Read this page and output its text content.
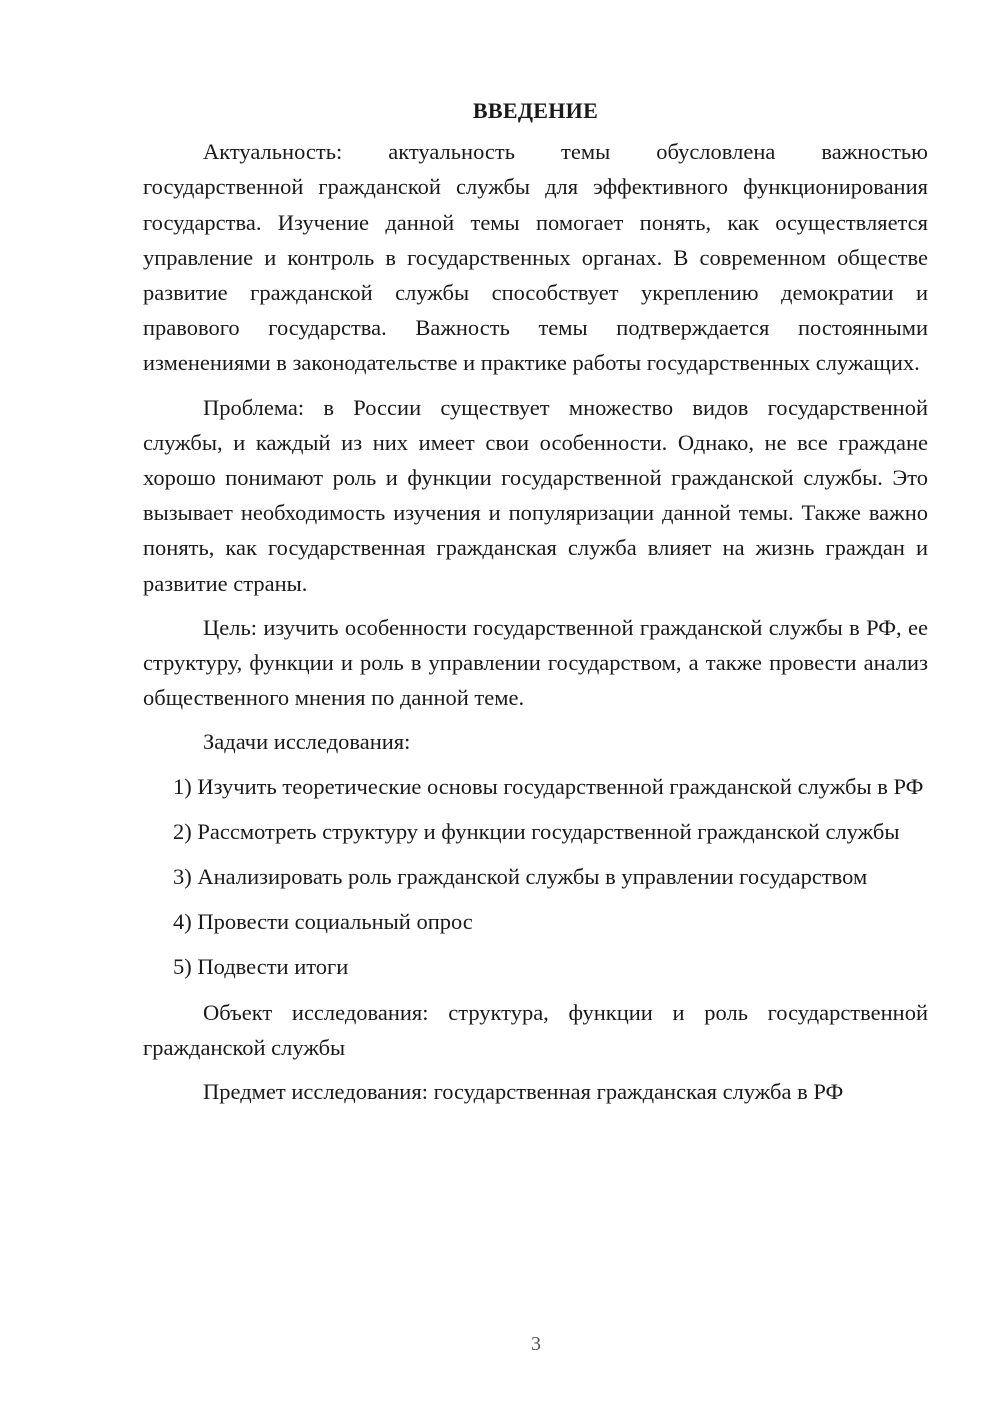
ВВЕДЕНИЕ

Актуальность: актуальность темы обусловлена важностью государственной гражданской службы для эффективного функционирования государства. Изучение данной темы помогает понять, как осуществляется управление и контроль в государственных органах. В современном обществе развитие гражданской службы способствует укреплению демократии и правового государства. Важность темы подтверждается постоянными изменениями в законодательстве и практике работы государственных служащих.

Проблема: в России существует множество видов государственной службы, и каждый из них имеет свои особенности. Однако, не все граждане хорошо понимают роль и функции государственной гражданской службы. Это вызывает необходимость изучения и популяризации данной темы. Также важно понять, как государственная гражданская служба влияет на жизнь граждан и развитие страны.

Цель: изучить особенности государственной гражданской службы в РФ, ее структуру, функции и роль в управлении государством, а также провести анализ общественного мнения по данной теме.

Задачи исследования:

1) Изучить теоретические основы государственной гражданской службы в РФ

2) Рассмотреть структуру и функции государственной гражданской службы

3) Анализировать роль гражданской службы в управлении государством

4) Провести социальный опрос

5) Подвести итоги

Объект исследования: структура, функции и роль государственной гражданской службы

Предмет исследования: государственная гражданская служба в РФ

3
